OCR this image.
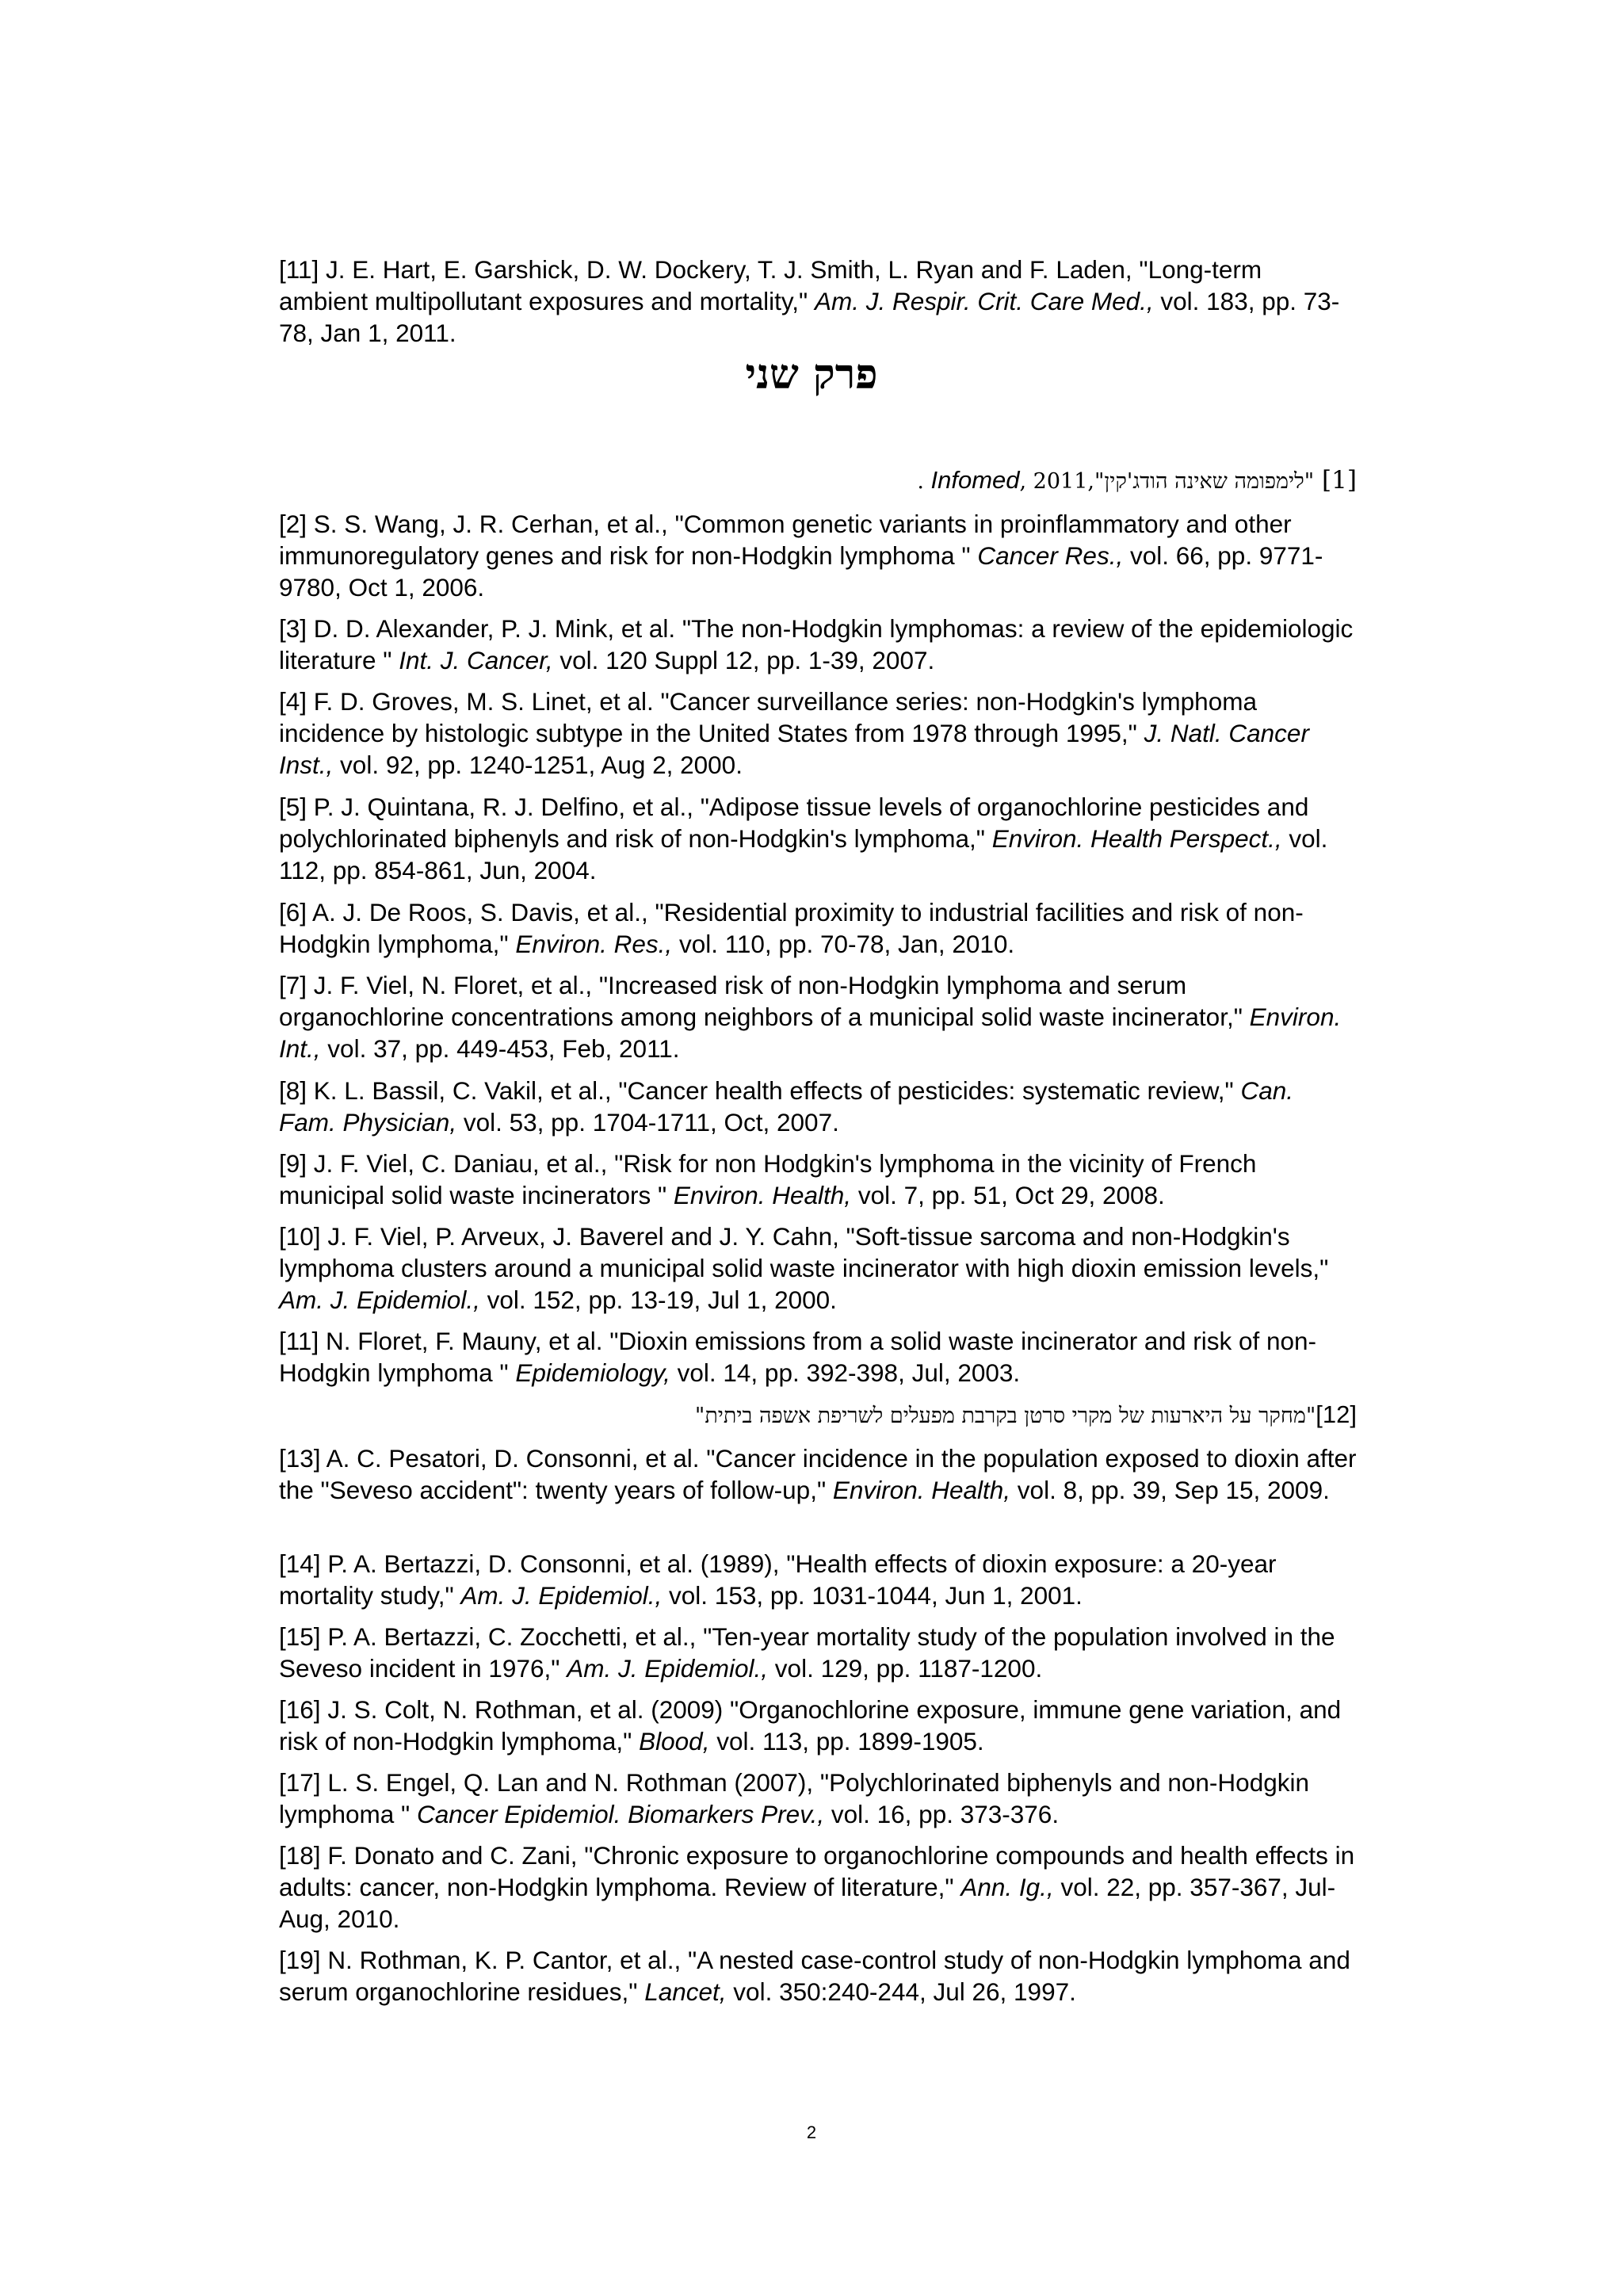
[11] J. E. Hart, E. Garshick, D. W. Dockery, T. J. Smith, L. Ryan and F. Laden, "Long-term ambient multipollutant exposures and mortality," Am. J. Respir. Crit. Care Med., vol. 183, pp. 73-78, Jan 1, 2011.

פרק שני

[1] "לימפומה שאינה הודג'קין",Infomed, 2011 .

[2] S. S. Wang, J. R. Cerhan, et al., "Common genetic variants in proinflammatory and other immunoregulatory genes and risk for non-Hodgkin lymphoma " Cancer Res., vol. 66, pp. 9771-9780, Oct 1, 2006.

[3] D. D. Alexander, P. J. Mink, et al. "The non-Hodgkin lymphomas: a review of the epidemiologic literature " Int. J. Cancer, vol. 120 Suppl 12, pp. 1-39, 2007.

[4] F. D. Groves, M. S. Linet, et al. "Cancer surveillance series: non-Hodgkin's lymphoma incidence by histologic subtype in the United States from 1978 through 1995," J. Natl. Cancer Inst., vol. 92, pp. 1240-1251, Aug 2, 2000.

[5] P. J. Quintana, R. J. Delfino, et al., "Adipose tissue levels of organochlorine pesticides and polychlorinated biphenyls and risk of non-Hodgkin's lymphoma," Environ. Health Perspect., vol. 112, pp. 854-861, Jun, 2004.

[6] A. J. De Roos, S. Davis, et al., "Residential proximity to industrial facilities and risk of non-Hodgkin lymphoma," Environ. Res., vol. 110, pp. 70-78, Jan, 2010.

[7] J. F. Viel, N. Floret, et al., "Increased risk of non-Hodgkin lymphoma and serum organochlorine concentrations among neighbors of a municipal solid waste incinerator," Environ. Int., vol. 37, pp. 449-453, Feb, 2011.

[8] K. L. Bassil, C. Vakil, et al., "Cancer health effects of pesticides: systematic review," Can. Fam. Physician, vol. 53, pp. 1704-1711, Oct, 2007.

[9] J. F. Viel, C. Daniau, et al., "Risk for non Hodgkin's lymphoma in the vicinity of French municipal solid waste incinerators " Environ. Health, vol. 7, pp. 51, Oct 29, 2008.

[10] J. F. Viel, P. Arveux, J. Baverel and J. Y. Cahn, "Soft-tissue sarcoma and non-Hodgkin's lymphoma clusters around a municipal solid waste incinerator with high dioxin emission levels," Am. J. Epidemiol., vol. 152, pp. 13-19, Jul 1, 2000.

[11] N. Floret, F. Mauny, et al. "Dioxin emissions from a solid waste incinerator and risk of non-Hodgkin lymphoma " Epidemiology, vol. 14, pp. 392-398, Jul, 2003.

[12]"מחקר על היארעות של מקרי סרטן בקרבת מפעלים לשריפת אשפה ביתית"

[13] A. C. Pesatori, D. Consonni, et al. "Cancer incidence in the population exposed to dioxin after the "Seveso accident": twenty years of follow-up," Environ. Health, vol. 8, pp. 39, Sep 15, 2009.

[14] P. A. Bertazzi, D. Consonni, et al. (1989), "Health effects of dioxin exposure: a 20-year mortality study," Am. J. Epidemiol., vol. 153, pp. 1031-1044, Jun 1, 2001.

[15] P. A. Bertazzi, C. Zocchetti, et al., "Ten-year mortality study of the population involved in the Seveso incident in 1976," Am. J. Epidemiol., vol. 129, pp. 1187-1200.

[16] J. S. Colt, N. Rothman, et al. (2009) "Organochlorine exposure, immune gene variation, and risk of non-Hodgkin lymphoma," Blood, vol. 113, pp. 1899-1905.

[17] L. S. Engel, Q. Lan and N. Rothman (2007), "Polychlorinated biphenyls and non-Hodgkin lymphoma " Cancer Epidemiol. Biomarkers Prev., vol. 16, pp. 373-376.

[18] F. Donato and C. Zani, "Chronic exposure to organochlorine compounds and health effects in adults: cancer, non-Hodgkin lymphoma. Review of literature," Ann. Ig., vol. 22, pp. 357-367, Jul-Aug, 2010.

[19] N. Rothman, K. P. Cantor, et al., "A nested case-control study of non-Hodgkin lymphoma and serum organochlorine residues," Lancet, vol. 350:240-244, Jul 26, 1997.

2
